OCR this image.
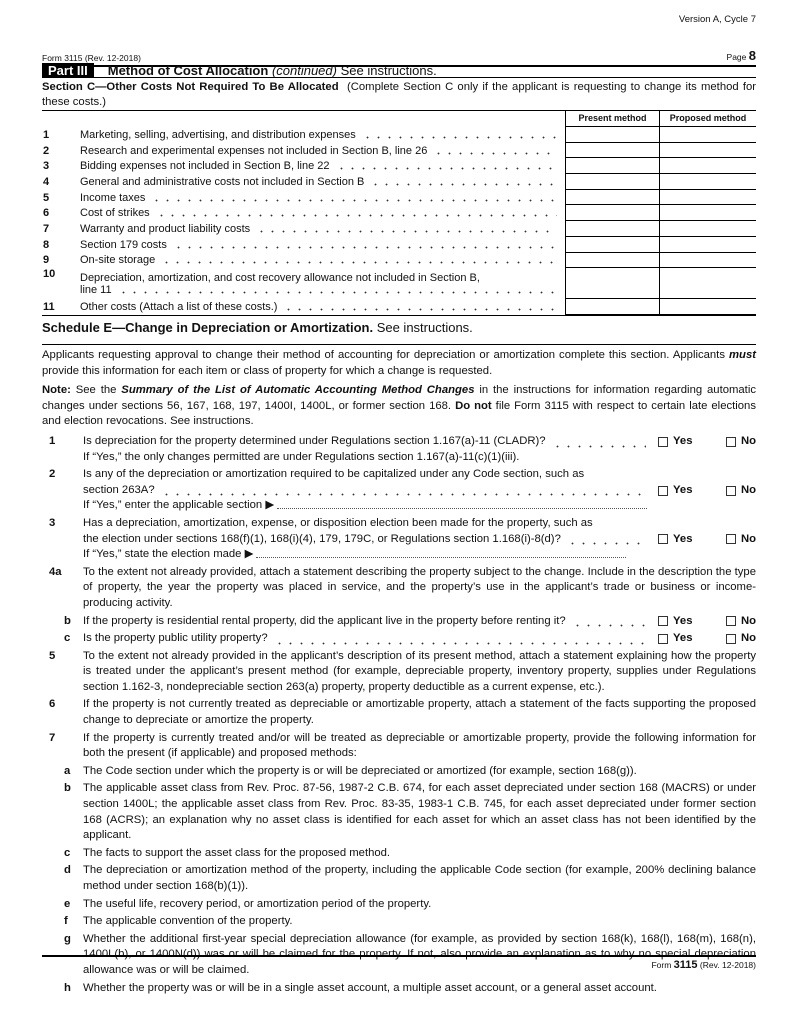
Version A, Cycle 7
Form 3115 (Rev. 12-2018)	Page 8
Part III	Method of Cost Allocation
(continued)
See instructions.
Section C—Other Costs Not Required To Be Allocated (Complete Section C only if the applicant is requesting to change its method for these costs.)
Present method	Proposed method
1	Marketing, selling, advertising, and distribution expenses
2	Research and experimental expenses not included in Section B, line 26
3	Bidding expenses not included in Section B, line 22
4	General and administrative costs not included in Section B
5	Income taxes
6	Cost of strikes
7	Warranty and product liability costs
8	Section 179 costs
9	On-site storage
10	Depreciation, amortization, and cost recovery allowance not included in Section B,
line 11
11	Other costs (Attach a list of these costs.)
Schedule E—Change in Depreciation or Amortization. See instructions.

Applicants requesting approval to change their method of accounting for depreciation or amortization complete this section. Applicants must provide this information for each item or class of property for which a change is requested.

Note: See the Summary of the List of Automatic Accounting Method Changes in the instructions for information regarding automatic changes under sections 56, 167, 168, 197, 1400I, 1400L, or former section 168. Do not file Form 3115 with respect to certain late elections and election revocations. See instructions.

1	Is depreciation for the property determined under Regulations section 1.167(a)-11 (CLADR)?	Yes	No
If “Yes,” the only changes permitted are under Regulations section 1.167(a)-11(c)(1)(iii).
2	Is any of the depreciation or amortization required to be capitalized under any Code section, such as
section 263A?	Yes	No
If “Yes,” enter the applicable section ▶
3	Has a depreciation, amortization, expense, or disposition election been made for the property, such as
the election under sections 168(f)(1), 168(i)(4), 179, 179C, or Regulations section 1.168(i)-8(d)?	Yes	No
If “Yes,” state the election made ▶
4a	To the extent not already provided, attach a statement describing the property subject to the change. Include in the description the type of property, the year the property was placed in service, and the property’s use in the applicant’s trade or business or income-producing activity.
b	If the property is residential rental property, did the applicant live in the property before renting it?	Yes	No
c	Is the property public utility property?	Yes	No
5	To the extent not already provided in the applicant’s description of its present method, attach a statement explaining how the property is treated under the applicant’s present method (for example, depreciable property, inventory property, supplies under Regulations section 1.162-3, nondepreciable section 263(a) property, property deductible as a current expense, etc.).
6	If the property is not currently treated as depreciable or amortizable property, attach a statement of the facts supporting the proposed change to depreciate or amortize the property.
7	If the property is currently treated and/or will be treated as depreciable or amortizable property, provide the following information for both the present (if applicable) and proposed methods:
a	The Code section under which the property is or will be depreciated or amortized (for example, section 168(g)).
b	The applicable asset class from Rev. Proc. 87-56, 1987-2 C.B. 674, for each asset depreciated under section 168 (MACRS) or under section 1400L; the applicable asset class from Rev. Proc. 83-35, 1983-1 C.B. 745, for each asset depreciated under former section 168 (ACRS); an explanation why no asset class is identified for each asset for which an asset class has not been identified by the applicant.
c	The facts to support the asset class for the proposed method.
d	The depreciation or amortization method of the property, including the applicable Code section (for example, 200% declining balance method under section 168(b)(1)).
e	The useful life, recovery period, or amortization period of the property.
f	The applicable convention of the property.
g	Whether the additional first-year special depreciation allowance (for example, as provided by section 168(k), 168(l), 168(m), 168(n), 1400L(b), or 1400N(d)) was or will be claimed for the property. If not, also provide an explanation as to why no special depreciation allowance was or will be claimed.
h	Whether the property was or will be in a single asset account, a multiple asset account, or a general asset account.
Form 3115 (Rev. 12-2018)
